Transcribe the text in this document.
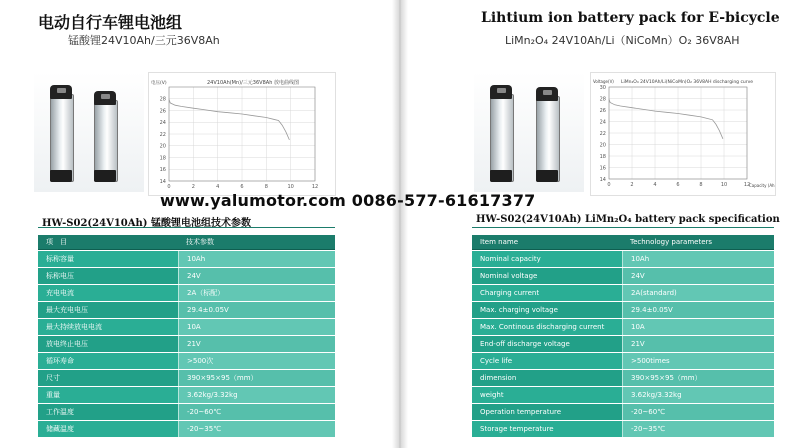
电动自行车锂电池组
锰酸锂24V10Ah/三元36V8Ah
24V10Ah(Mn)/三元36V8Ah 放电曲线图
电压(V)
0	2	4	6	8	10	12
14
16
18
20
22
24
26
28
HW-S02(24V10Ah) 锰酸锂电池组技术参数
项　目	技术参数
标称容量	10Ah
标称电压	24V
充电电流	2A（标配）
最大充电电压	29.4±0.05V
最大持续放电电流	10A
放电终止电压	21V
循环寿命	>500次
尺寸	390×95×95（mm）
重量	3.62kg/3.32kg
工作温度	-20~60℃
储藏温度	-20~35℃
Lihtium ion battery pack for E-bicycle
LiMn₂O₄ 24V10Ah/Li（NiCoMn）O₂ 36V8AH
LiMn₂O₄ 24V10Ah/Li(NiCoMn)O₂ 36V8AH discharging curve
Voltage(V)
Capacity (Ah)
0	2	4	6	8	10	12
14
16
18
20
22
24
26
28
30
HW-S02(24V10Ah) LiMn₂O₄ battery pack specification
Item name	Technology parameters
Nominal capacity	10Ah
Nominal voltage	24V
Charging current	2A(standard)
Max. charging voltage	29.4±0.05V
Max. Continous discharging current	10A
End-off discharge voltage	21V
Cycle life	>500times
dimension	390×95×95（mm）
weight	3.62kg/3.32kg
Operation temperature	-20~60℃
Storage temperature	-20~35℃
www.yalumotor.com 0086-577-61617377
